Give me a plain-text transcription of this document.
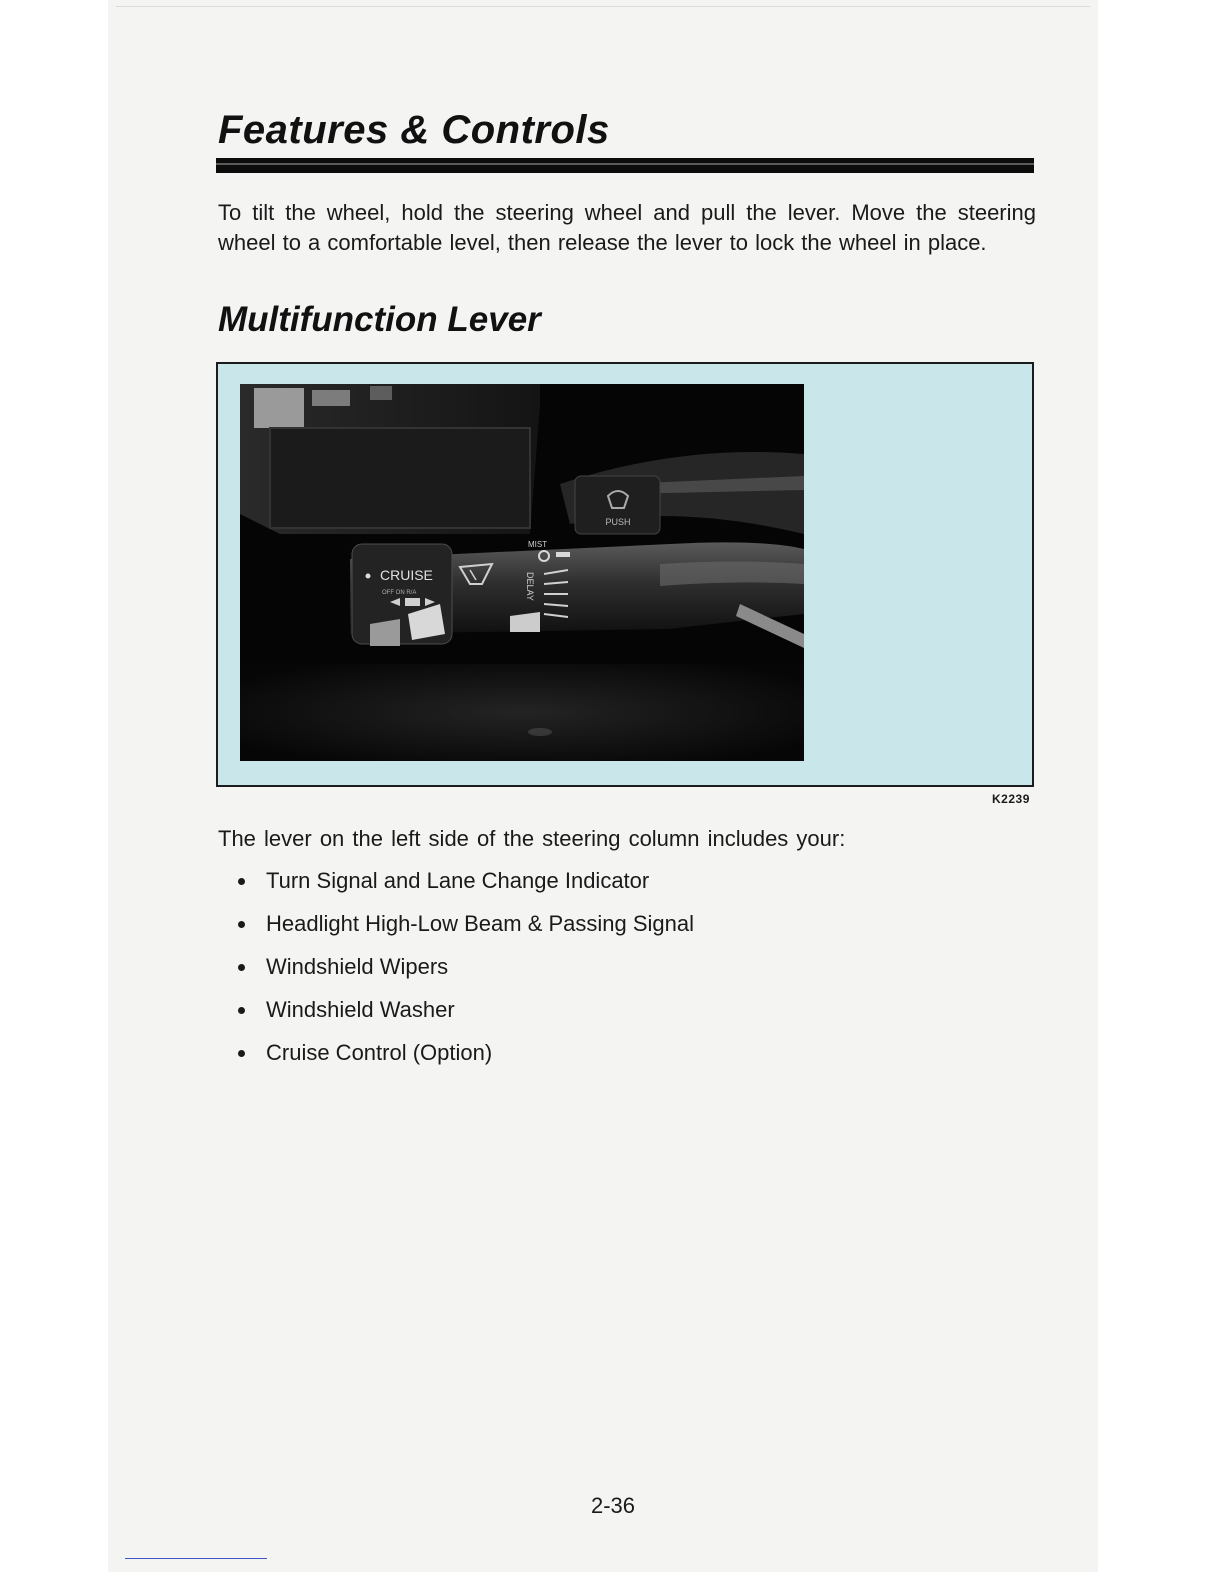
Features & Controls

To tilt the wheel, hold the steering wheel and pull the lever. Move the steering wheel to a comfortable level, then release the lever to lock the wheel in place.

Multifunction Lever
PUSH
CRUISE
OFF ON R/A
MIST
DELAY
K2239

The lever on the left side of the steering column includes your:

Turn Signal and Lane Change Indicator
Headlight High-Low Beam & Passing Signal
Windshield Wipers
Windshield Washer
Cruise Control (Option)
2-36
